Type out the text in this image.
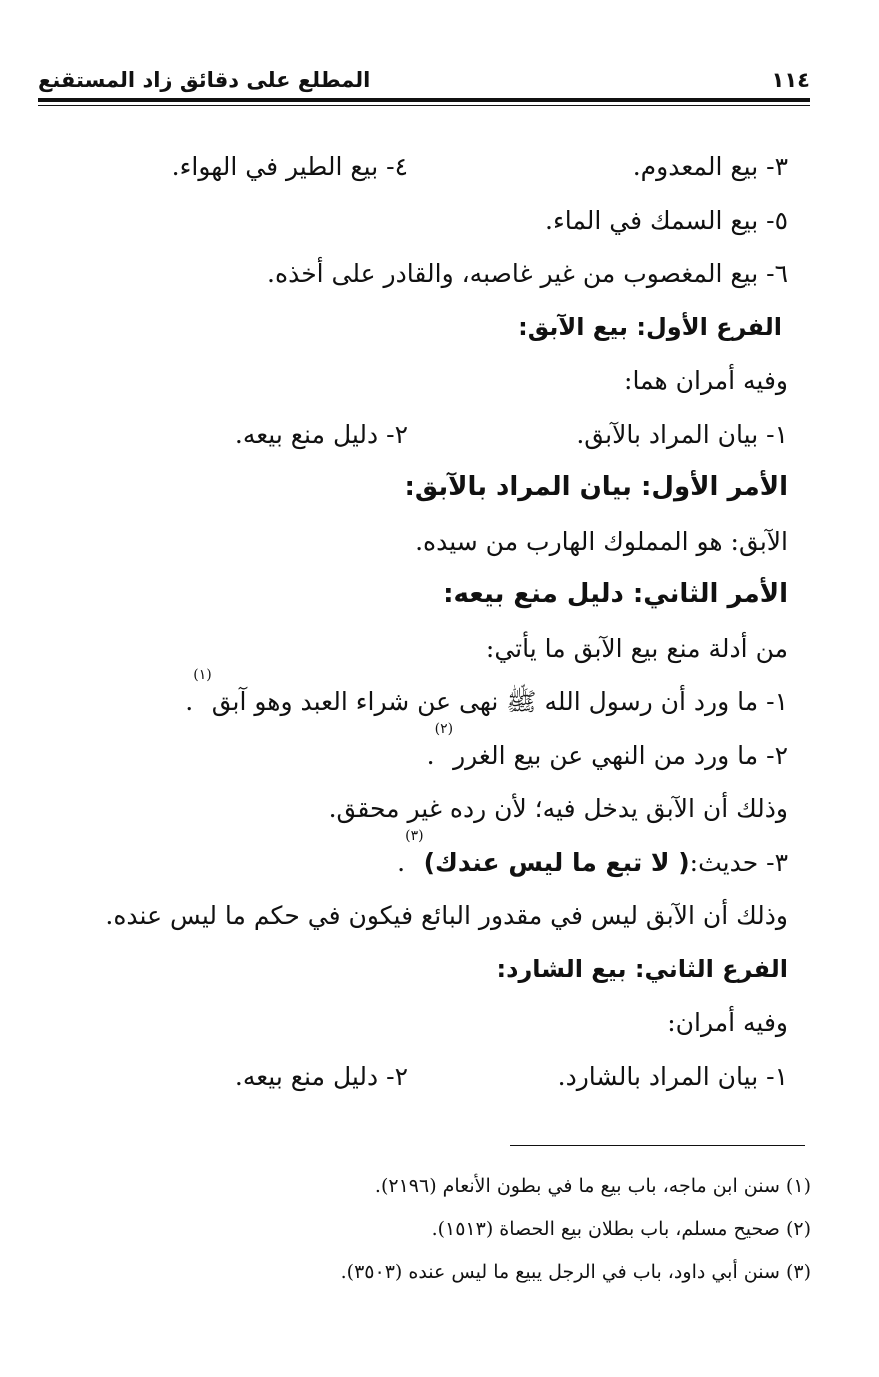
١١٤
المطلع على دقائق زاد المستقنع
٣- بيع المعدوم.
٤- بيع الطير في الهواء.
٥- بيع السمك في الماء.
٦- بيع المغصوب من غير غاصبه، والقادر على أخذه.
الفرع الأول: بيع الآبق:
وفيه أمران هما:
١- بيان المراد بالآبق.
٢- دليل منع بيعه.
الأمر الأول: بيان المراد بالآبق:
الآبق: هو المملوك الهارب من سيده.
الأمر الثاني: دليل منع بيعه:
من أدلة منع بيع الآبق ما يأتي:
١- ما ورد أن رسول الله ﷺ نهى عن شراء العبد وهو آبق
(١)
.
٢- ما ورد من النهي عن بيع الغرر
(٢)
.
وذلك أن الآبق يدخل فيه؛ لأن رده غير محقق.
٣- حديث:
( لا تبع ما ليس عندك)
(٣)
.
وذلك أن الآبق ليس في مقدور البائع فيكون في حكم ما ليس عنده.
الفرع الثاني: بيع الشارد:
وفيه أمران:
١- بيان المراد بالشارد.
٢- دليل منع بيعه.
(١) سنن ابن ماجه، باب بيع ما في بطون الأنعام (٢١٩٦).
(٢) صحيح مسلم، باب بطلان بيع الحصاة (١٥١٣).
(٣) سنن أبي داود، باب في الرجل يبيع ما ليس عنده (٣٥٠٣).
